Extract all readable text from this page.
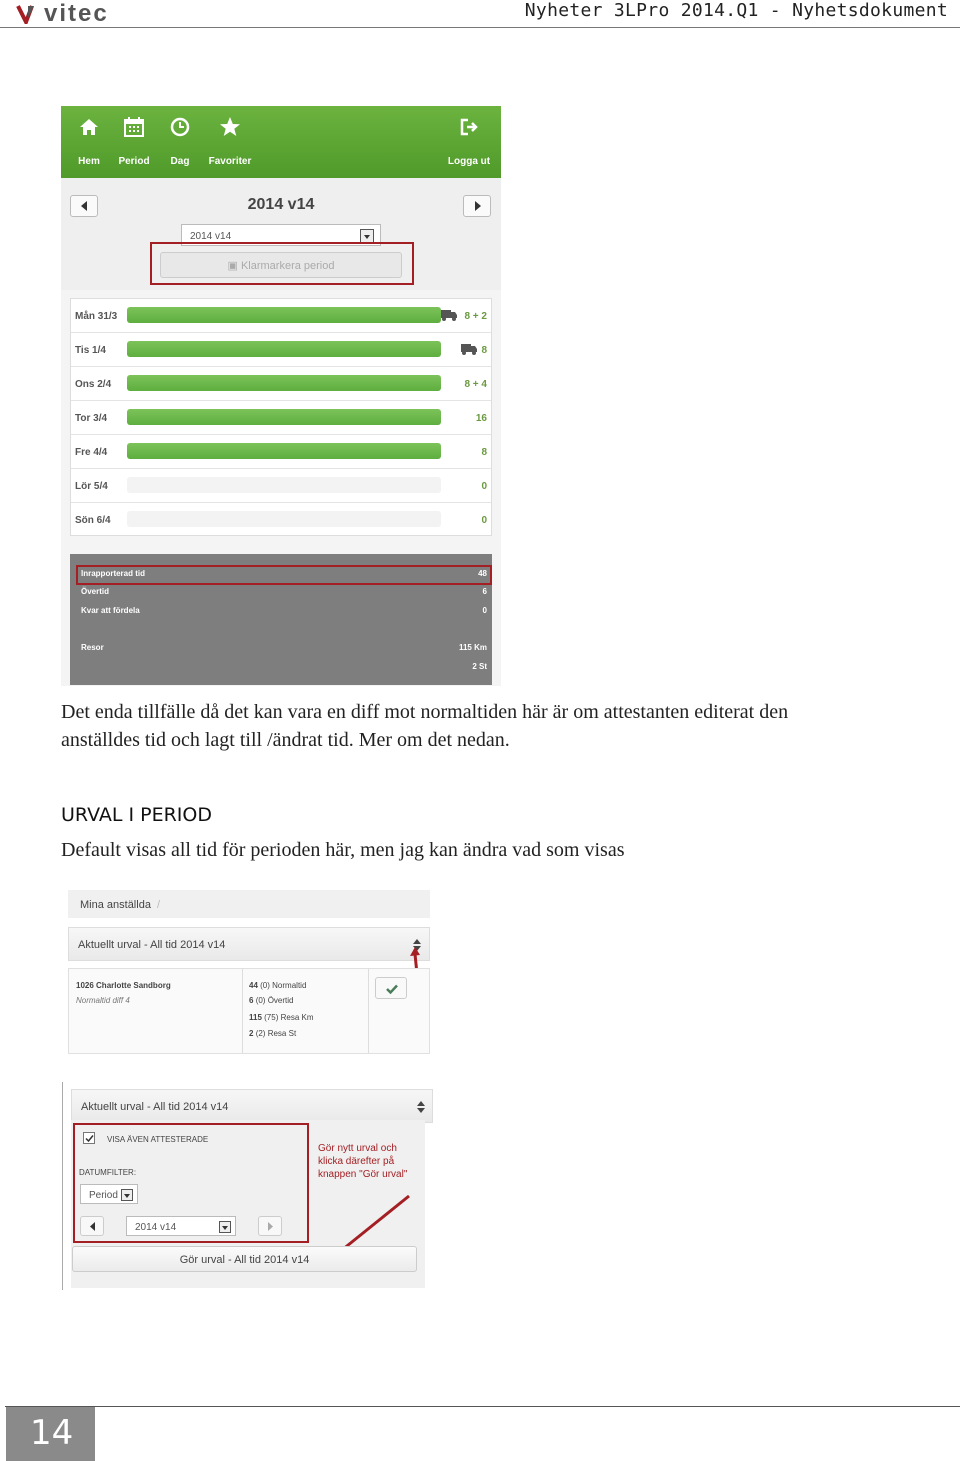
vitec	Nyheter 3LPro 2014.Q1 - Nyhetsdokument
Hem	Period	Dag	Favoriter	Logga ut
2014 v14
2014 v14
▣ Klarmarkera period
Mån 31/3	8 + 2
Tis 1/4	8
Ons 2/4	8 + 4
Tor 3/4	16
Fre 4/4	8
Lör 5/4	0
Sön 6/4	0
Inrapporterad tid	48
Övertid	6
Kvar att fördela	0
Resor	115 Km
2 St
Det enda tillfälle då det kan vara en diff mot normaltiden här är om attestanten editerat den
anställdes tid och lagt till /ändrat tid. Mer om det nedan.
URVAL I PERIOD
Default visas all tid för perioden här, men jag kan ändra vad som visas
Mina anställda /
Aktuellt urval - All tid 2014 v14
1026 Charlotte Sandborg
Normaltid diff 4
44 (0) Normaltid
6 (0) Övertid
115 (75) Resa Km
2 (2) Resa St
Aktuellt urval - All tid 2014 v14
VISA ÄVEN ATTESTERADE
DATUMFILTER:
Period
2014 v14
Gör nytt urval och
klicka därefter på
knappen "Gör urval"
Gör urval - All tid 2014 v14
14
